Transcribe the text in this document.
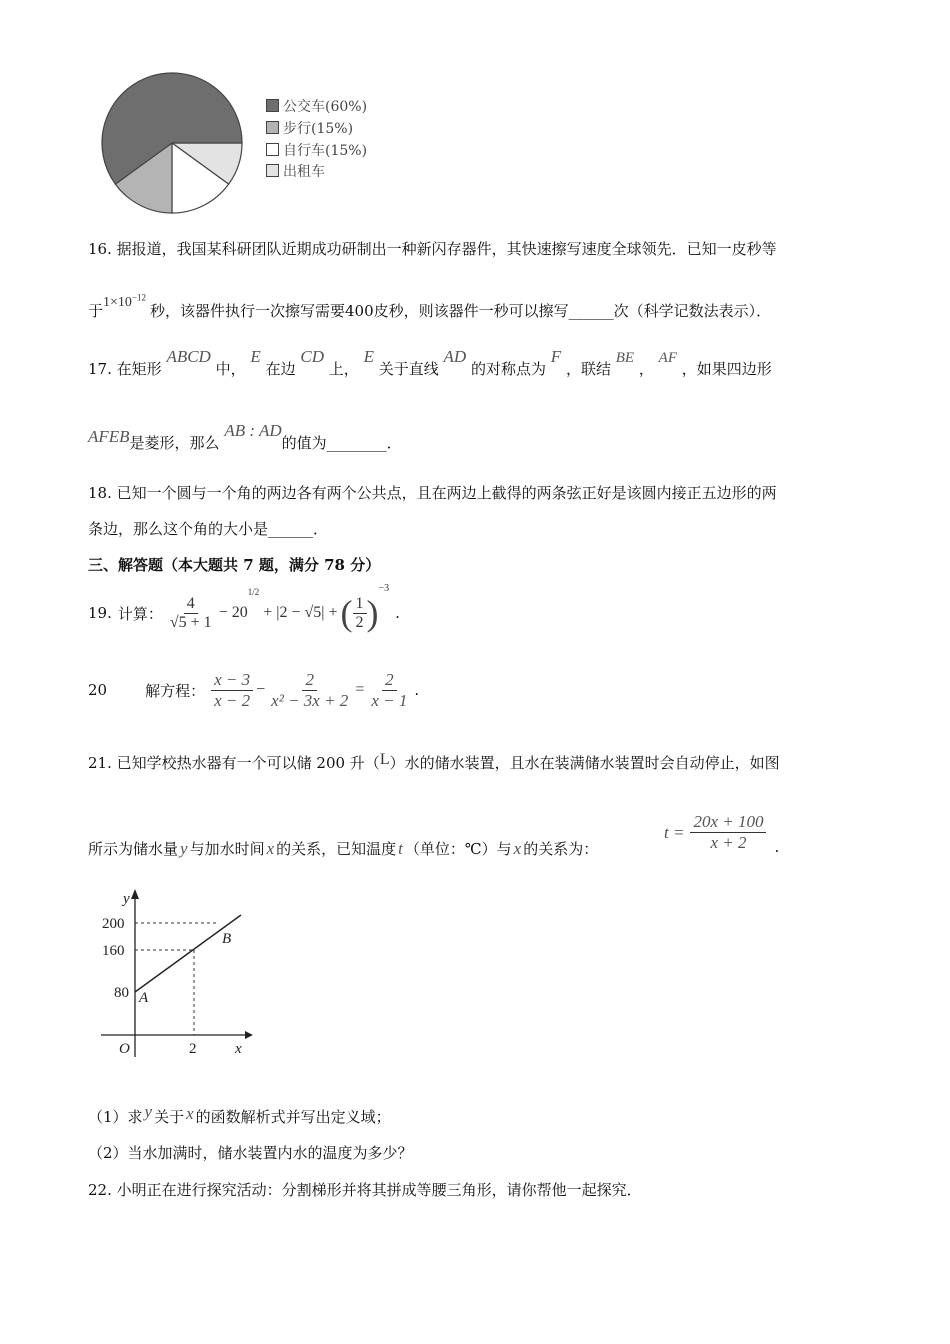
公交车(60%)
步行(15%)
自行车(15%)
出租车
16. 据报道，我国某科研团队近期成功研制出一种新闪存器件，其快速擦写速度全球领先．已知一皮秒等
于$1\times 10^{-12}$秒，该器件执行一次擦写需要400皮秒，则该器件一秒可以擦写______次（科学记数法表示）．
17. 在矩形 ABCD 中， E 在边 CD 上， E 关于直线 AD 的对称点为 F ，联结 BE ， AF ，如果四边形
AFEB是菱形，那么 AB : AD的值为________．
18. 已知一个圆与一个角的两边各有两个公共点，且在两边上截得的两条弦正好是该圆内接正五边形的两
条边，那么这个角的大小是______．
三、解答题（本大题共 7 题，满分 78 分）
19. 计算： $\frac{4}{√5 + 1} - 20$
1/2
+ |2 − √5| + ( $\frac{1}{2}$ )
$^{-3}$
.
20	解方程： $\frac{x - 3}{x - 2} - \frac{2}{\text{x² − 3x + 2}} = \frac{2}{x - 1}$ .
21. 已知学校热水器有一个可以储 200 升（L）水的储水装置，且水在装满储水装置时会自动停止，如图
所示为储水量 y 与加水时间 x 的关系，已知温度 t （单位：℃）与 x 的关系为：
$t = \frac{20x + 100}{x + 2}$ .
y
200
160
80 A
B
O	2	x
（1）求 y 关于 x 的函数解析式并写出定义域；
（2）当水加满时，储水装置内水的温度为多少？
22. 小明正在进行探究活动：分割梯形并将其拼成等腰三角形，请你帮他一起探究．
